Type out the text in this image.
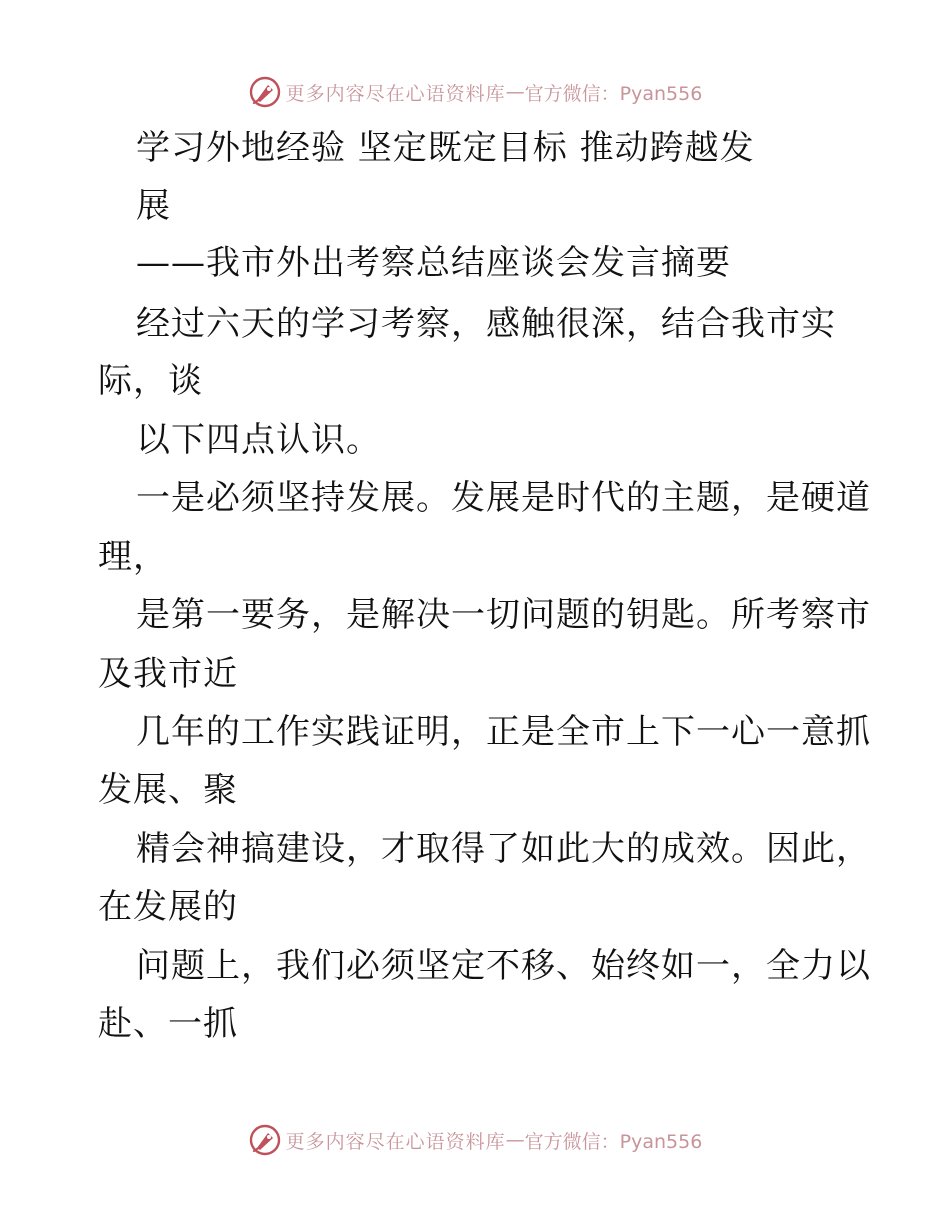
更多内容尽在心语资料库 — 官方微信：Pyan556
学习外地经验 坚定既定目标 推动跨越发
展
——我市外出考察总结座谈会发言摘要
经过六天的学习考察，感触很深，结合我市实
际，谈
以下四点认识。
一是必须坚持发展。发展是时代的主题，是硬道
理，
是第一要务，是解决一切问题的钥匙。所考察市
及我市近
几年的工作实践证明，正是全市上下一心一意抓
发展、聚
精会神搞建设，才取得了如此大的成效。因此，
在发展的
问题上，我们必须坚定不移、始终如一，全力以
赴、一抓
更多内容尽在心语资料库 — 官方微信：Pyan556
